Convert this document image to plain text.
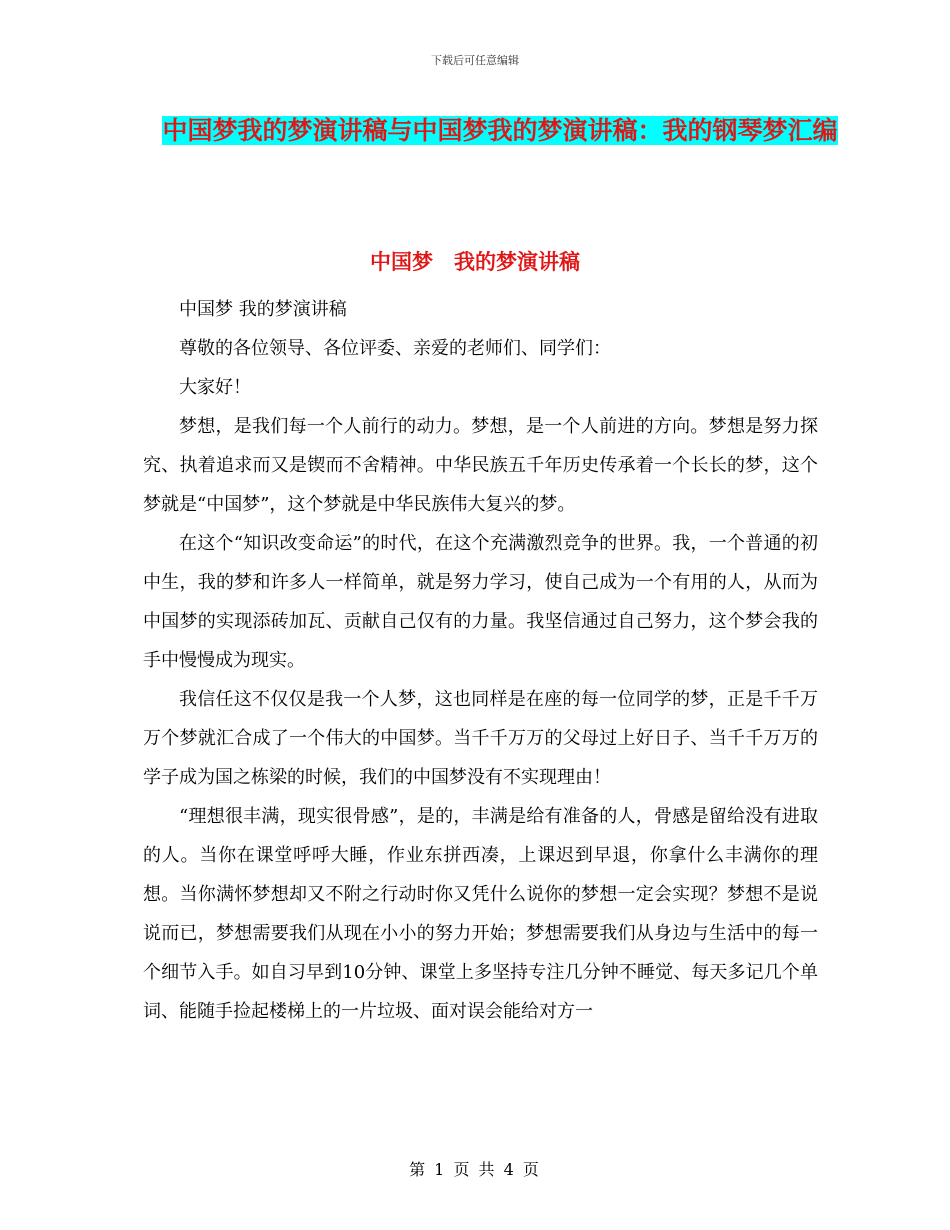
下载后可任意编辑
中国梦我的梦演讲稿与中国梦我的梦演讲稿：我的钢琴梦汇编
中国梦　我的梦演讲稿

中国梦 我的梦演讲稿

尊敬的各位领导、各位评委、亲爱的老师们、同学们：

大家好！

梦想，是我们每一个人前行的动力。梦想，是一个人前进的方向。梦想是努力探究、执着追求而又是锲而不舍精神。中华民族五千年历史传承着一个长长的梦，这个梦就是“中国梦”，这个梦就是中华民族伟大复兴的梦。

在这个“知识改变命运”的时代，在这个充满激烈竞争的世界。我，一个普通的初中生，我的梦和许多人一样简单，就是努力学习，使自己成为一个有用的人，从而为中国梦的实现添砖加瓦、贡献自己仅有的力量。我坚信通过自己努力，这个梦会我的手中慢慢成为现实。

我信任这不仅仅是我一个人梦，这也同样是在座的每一位同学的梦，正是千千万万个梦就汇合成了一个伟大的中国梦。当千千万万的父母过上好日子、当千千万万的学子成为国之栋梁的时候，我们的中国梦没有不实现理由！

“理想很丰满，现实很骨感”，是的，丰满是给有准备的人，骨感是留给没有进取的人。当你在课堂呼呼大睡，作业东拼西凑，上课迟到早退，你拿什么丰满你的理想。当你满怀梦想却又不附之行动时你又凭什么说你的梦想一定会实现？梦想不是说说而已，梦想需要我们从现在小小的努力开始；梦想需要我们从身边与生活中的每一个细节入手。如自习早到10分钟、课堂上多坚持专注几分钟不睡觉、每天多记几个单词、能随手捡起楼梯上的一片垃圾、面对误会能给对方一

第 1 页 共 4 页
